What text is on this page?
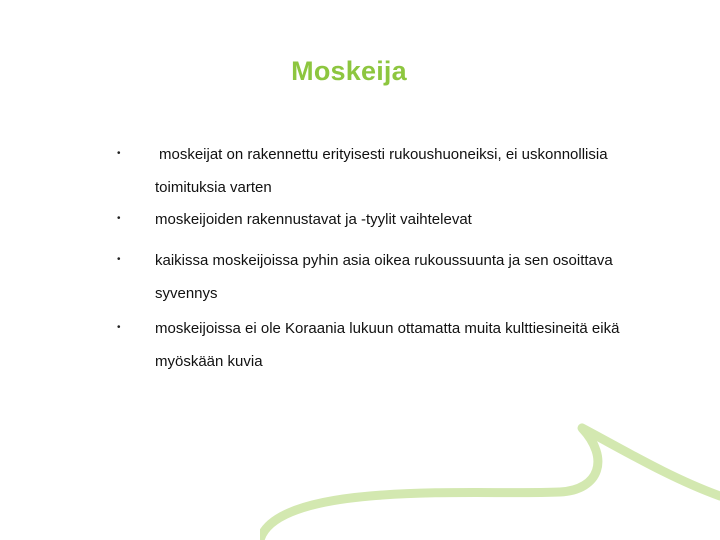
Moskeija
•	moskeijat on rakennettu erityisesti rukoushuoneiksi, ei uskonnollisia toimituksia varten
• moskeijoiden rakennustavat ja -tyylit vaihtelevat
• kaikissa moskeijoissa pyhin asia oikea rukoussuunta ja sen osoittava syvennys
• moskeijoissa ei ole Koraania lukuun ottamatta muita kulttiesineitä eikä myöskään kuvia
